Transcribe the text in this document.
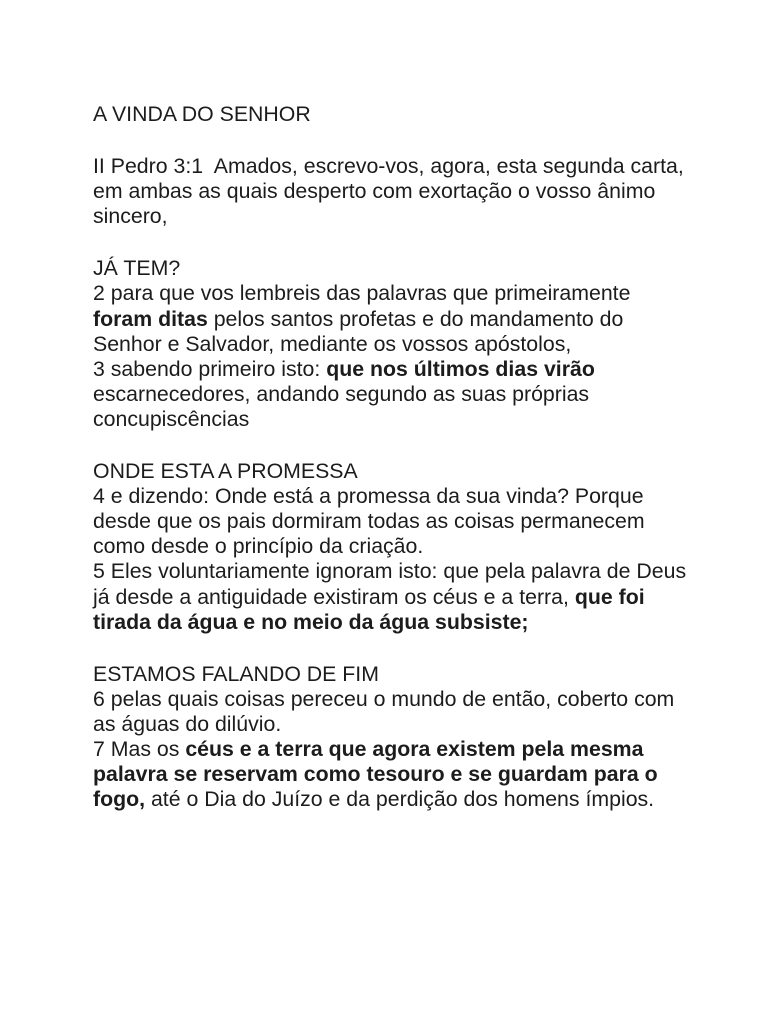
A VINDA DO SENHOR
II Pedro 3:1 Amados, escrevo-vos, agora, esta segunda carta, em ambas as quais desperto com exortação o vosso ânimo sincero,
JÁ TEM?
2 para que vos lembreis das palavras que primeiramente foram ditas pelos santos profetas e do mandamento do Senhor e Salvador, mediante os vossos apóstolos,
3 sabendo primeiro isto: que nos últimos dias virão escarnecedores, andando segundo as suas próprias concupiscências
ONDE ESTA A PROMESSA
4 e dizendo: Onde está a promessa da sua vinda? Porque desde que os pais dormiram todas as coisas permanecem como desde o princípio da criação.
5 Eles voluntariamente ignoram isto: que pela palavra de Deus já desde a antiguidade existiram os céus e a terra, que foi tirada da água e no meio da água subsiste;
ESTAMOS FALANDO DE FIM
6 pelas quais coisas pereceu o mundo de então, coberto com as águas do dilúvio.
7 Mas os céus e a terra que agora existem pela mesma palavra se reservam como tesouro e se guardam para o fogo, até o Dia do Juízo e da perdição dos homens ímpios.
